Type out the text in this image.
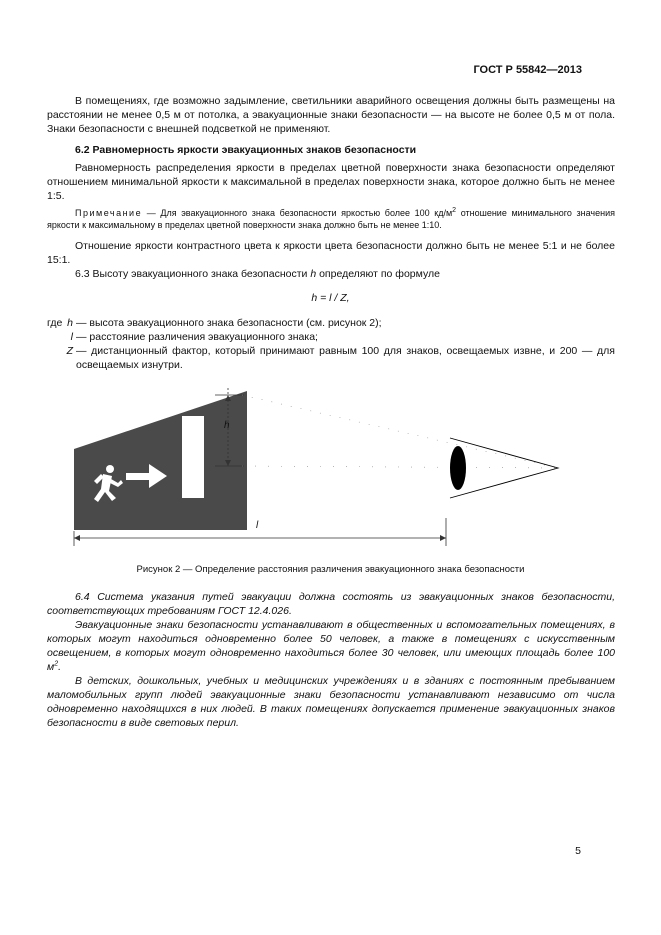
ГОСТ Р 55842—2013
В помещениях, где возможно задымление, светильники аварийного освещения должны быть размещены на расстоянии не менее 0,5 м от потолка, а эвакуационные знаки безопасности — на высоте не более 0,5 м от пола. Знаки безопасности с внешней подсветкой не применяют.
6.2 Равномерность яркости эвакуационных знаков безопасности
Равномерность распределения яркости в пределах цветной поверхности знака безопасности определяют отношением минимальной яркости к максимальной в пределах поверхности знака, которое должно быть не менее 1:5.
Примечание — Для эвакуационного знака безопасности яркостью более 100 $кд/м^2$ отношение минимального значения яркости к максимальному в пределах цветной поверхности знака должно быть не менее 1:10.
Отношение яркости контрастного цвета к яркости цвета безопасности должно быть не менее 5:1 и не более 15:1.
6.3 Высоту эвакуационного знака безопасности h определяют по формуле
h = l / Z,
где h — высота эвакуационного знака безопасности (см. рисунок 2);
l — расстояние различения эвакуационного знака;
Z — дистанционный фактор, который принимают равным 100 для знаков, освещаемых извне, и 200 — для освещаемых изнутри.
h
l
Рисунок 2 — Определение расстояния различения эвакуационного знака безопасности
6.4 Система указания путей эвакуации должна состоять из эвакуационных знаков безопасности, соответствующих требованиям ГОСТ 12.4.026.
Эвакуационные знаки безопасности устанавливают в общественных и вспомогательных помещениях, в которых могут находиться одновременно более 50 человек, а также в помещениях с искусственным освещением, в которых могут одновременно находиться более 30 человек, или имеющих площадь более 100 $м^2$.
В детских, дошкольных, учебных и медицинских учреждениях и в зданиях с постоянным пребыванием маломобильных групп людей эвакуационные знаки безопасности устанавливают независимо от числа одновременно находящихся в них людей. В таких помещениях допускается применение эвакуационных знаков безопасности в виде световых перил.
5
